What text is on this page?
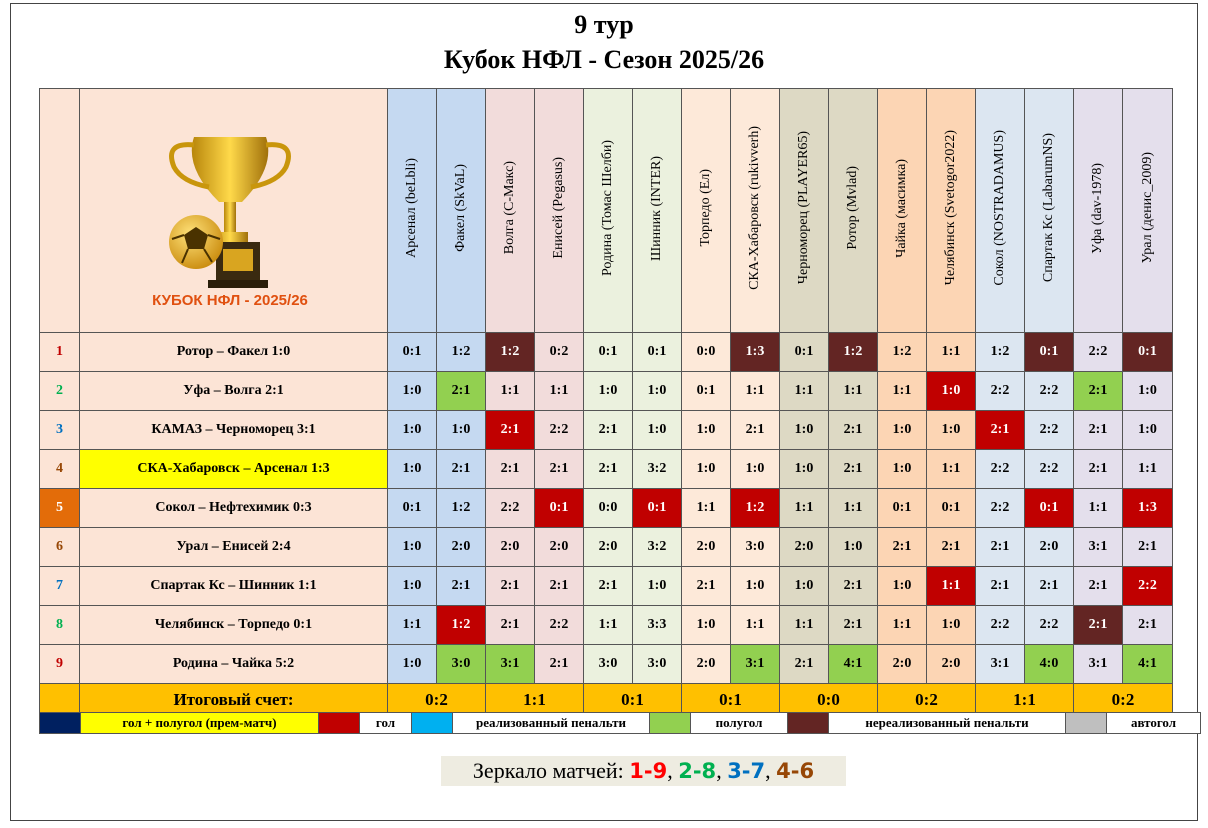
9 тур
Кубок НФЛ - Сезон 2025/26
		Арсенал (beLbli)	Факел (SkVaL)	Волга (С-Макс)	Енисей (Pegasus)	Родина (Томас Шелби)	Шинник (INTER)	Торпедо (Ел)	СКА-Хабаровск (rukivverh)	Черноморец (PLAYER65)	Ротор (Mvlad)	Чайка (масимка)	Челябинск (Svetogor2022)	Сокол (NOSTRADAMUS)	Спартак Кс (LabarumNS)	Уфа (dav-1978)	Урал (денис_2009)
1	Ротор – Факел 1:0	0:1	1:2	1:2	0:2	0:1	0:1	0:0	1:3	0:1	1:2	1:2	1:1	1:2	0:1	2:2	0:1
2	Уфа – Волга 2:1	1:0	2:1	1:1	1:1	1:0	1:0	0:1	1:1	1:1	1:1	1:1	1:0	2:2	2:2	2:1	1:0
3	КАМАЗ – Черноморец 3:1	1:0	1:0	2:1	2:2	2:1	1:0	1:0	2:1	1:0	2:1	1:0	1:0	2:1	2:2	2:1	1:0
4	СКА-Хабаровск – Арсенал 1:3	1:0	2:1	2:1	2:1	2:1	3:2	1:0	1:0	1:0	2:1	1:0	1:1	2:2	2:2	2:1	1:1
5	Сокол – Нефтехимик 0:3	0:1	1:2	2:2	0:1	0:0	0:1	1:1	1:2	1:1	1:1	0:1	0:1	2:2	0:1	1:1	1:3
6	Урал – Енисей 2:4	1:0	2:0	2:0	2:0	2:0	3:2	2:0	3:0	2:0	1:0	2:1	2:1	2:1	2:0	3:1	2:1
7	Спартак Кс – Шинник 1:1	1:0	2:1	2:1	2:1	2:1	1:0	2:1	1:0	1:0	2:1	1:0	1:1	2:1	2:1	2:1	2:2
8	Челябинск – Торпедо 0:1	1:1	1:2	2:1	2:2	1:1	3:3	1:0	1:1	1:1	2:1	1:1	1:0	2:2	2:2	2:1	2:1
9	Родина – Чайка 5:2	1:0	3:0	3:1	2:1	3:0	3:0	2:0	3:1	2:1	4:1	2:0	2:0	3:1	4:0	3:1	4:1
	Итоговый счет:	0:2		1:1		0:1		0:1		0:0		0:2		1:1		0:2	
КУБОК НФЛ - 2025/26
	гол + полугол (прем-матч)		гол		реализованный пенальти		полугол		нереализованный пенальти		автогол
Зеркало матчей: 1-9, 2-8, 3-7, 4-6
